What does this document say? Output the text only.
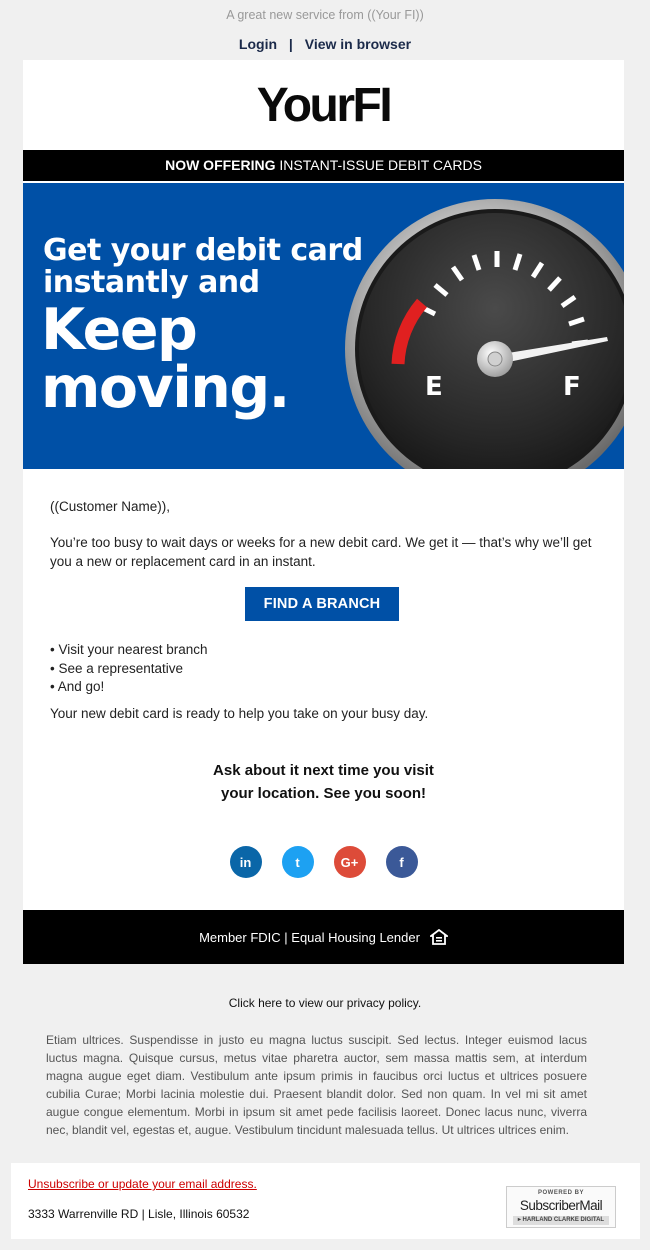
A great new service from ((Your FI))
Login | View in browser
YourFI
NOW OFFERING INSTANT-ISSUE DEBIT CARDS
Get your debit card
instantly and
Keep
moving.	E	F
((Customer Name)),
You’re too busy to wait days or weeks for a new debit card. We get it — that’s why we’ll get you a new or replacement card in an instant.
FIND A BRANCH
• Visit your nearest branch
• See a representative
• And go!
Your new debit card is ready to help you take on your busy day.
Ask about it next time you visit
your location. See you soon!
in	t	G+	f
Member FDIC | Equal Housing Lender
Click here to view our privacy policy.
Etiam ultrices. Suspendisse in justo eu magna luctus suscipit. Sed lectus. Integer euismod lacus luctus magna. Quisque cursus, metus vitae pharetra auctor, sem massa mattis sem, at interdum magna augue eget diam. Vestibulum ante ipsum primis in faucibus orci luctus et ultrices posuere cubilia Curae; Morbi lacinia molestie dui. Praesent blandit dolor. Sed non quam. In vel mi sit amet augue congue elementum. Morbi in ipsum sit amet pede facilisis laoreet. Donec lacus nunc, viverra nec, blandit vel, egestas et, augue. Vestibulum tincidunt malesuada tellus. Ut ultrices ultrices enim.
Unsubscribe or update your email address.
3333 Warrenville RD | Lisle, Illinois 60532
POWERED BY
SubscriberMail
▸ HARLAND CLARKE DIGITAL
